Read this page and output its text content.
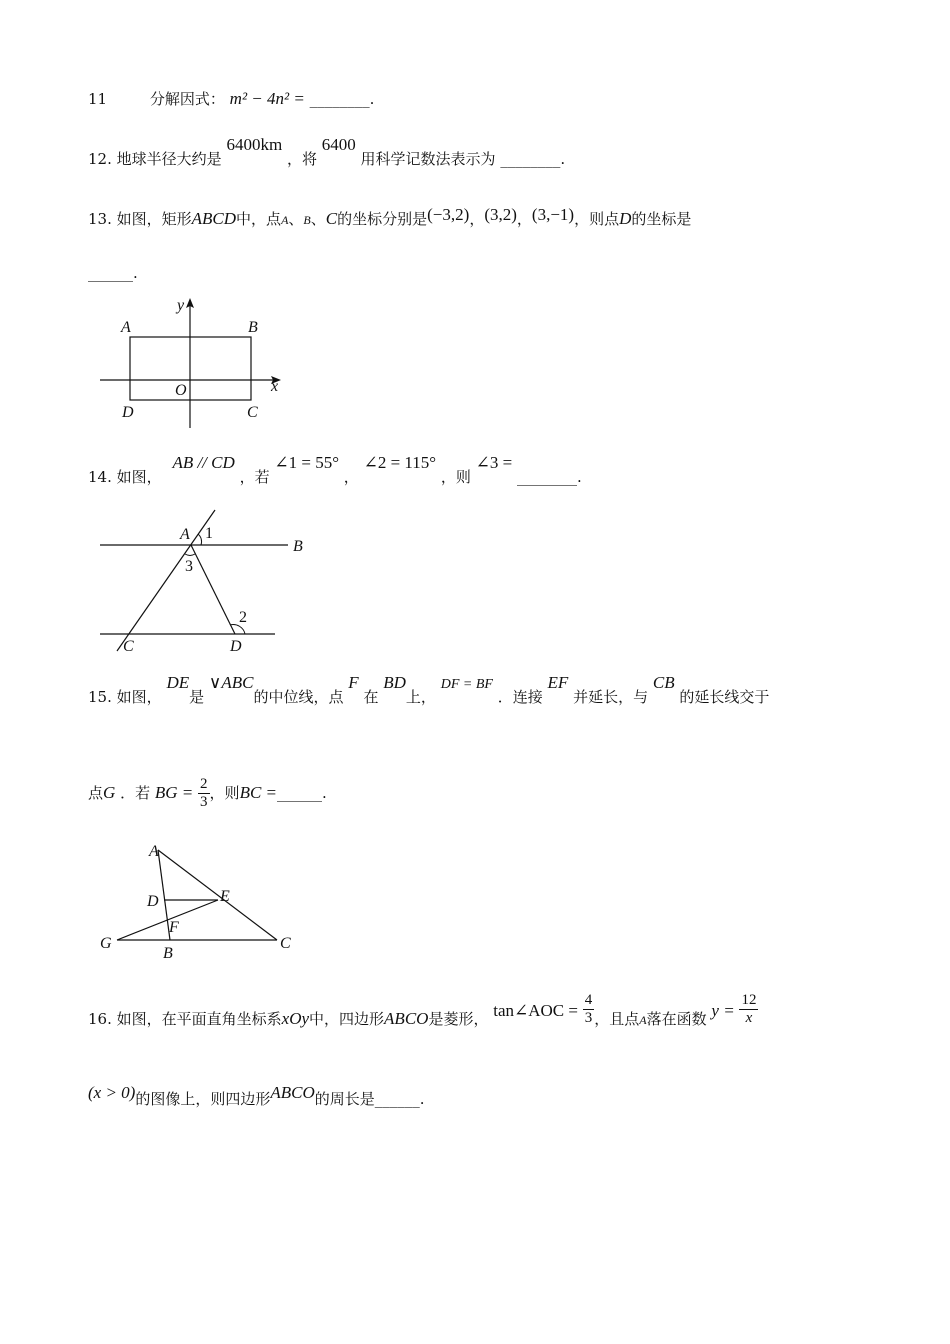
11	分解因式： m² − 4n² = ________.
12. 地球半径大约是 6400km ，将 6400 用科学记数法表示为 ________.
13. 如图，矩形ABCD中，点A、B、C的坐标分别是(−3,2)，(3,2)，(3,−1)，则点D的坐标是
______.
A	B
C
D
O	x
y
14. 如图， AB // CD ，若 ∠1 = 55° ， ∠2 = 115° ，则 ∠3 = ________.
A
B
C	D
1
2
3
15. 如图， DE是 ∨ABC的中位线，点 F 在 BD上， DF = BF ．连接 EF 并延长，与 CB 的延长线交于
点G ．若 BG = $\frac{2}{3}$ ，则BC =______.
A
B
C
D	E
F
G
16. 如图，在平面直角坐标系xOy中，四边形ABCO是菱形， tan∠AOC = $\frac{4}{3}$ ，且点A落在函数 $y = \frac{12}{x}$
(x > 0)的图像上，则四边形ABCO的周长是______.
